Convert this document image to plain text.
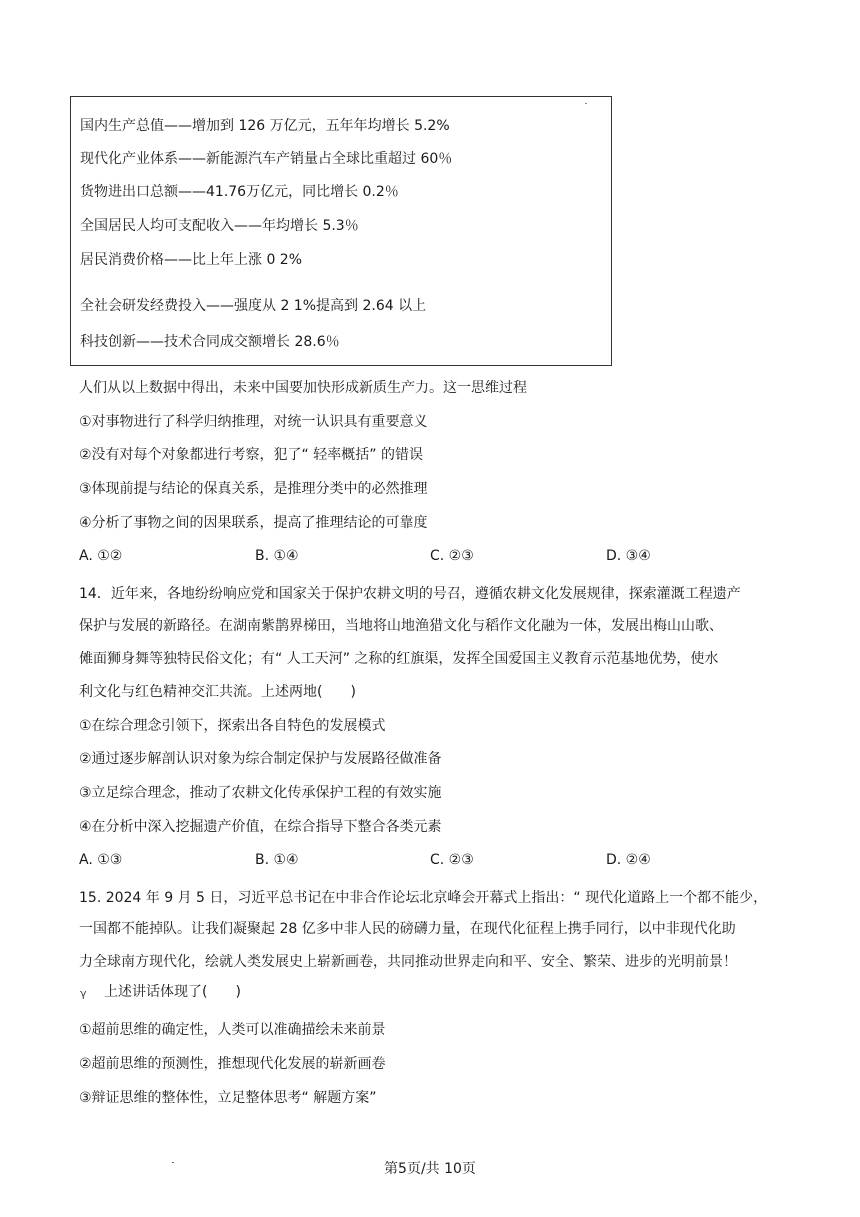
国内生产总值——增加到 126 万亿元，五年年均增长 5.2%
现代化产业体系——新能源汽车产销量占全球比重超过 60％
货物进出口总额——41.76万亿元，同比增长 0.2％
全国居民人均可支配收入——年均增长 5.3％
居民消费价格——比上年上涨 0 2%
全社会研发经费投入——强度从 2 1%提高到 2.64 以上
科技创新——技术合同成交额增长 28.6％
人们从以上数据中得出，未来中国要加快形成新质生产力。这一思维过程
①对事物进行了科学归纳推理，对统一认识具有重要意义
②没有对每个对象都进行考察，犯了“ 轻率概括” 的错误
③体现前提与结论的保真关系，是推理分类中的必然推理
④分析了事物之间的因果联系，提高了推理结论的可靠度
A. ①②	B. ①④	C. ②③	D. ③④
14．近年来，各地纷纷响应党和国家关于保护农耕文明的号召，遵循农耕文化发展规律，探索灌溉工程遗产
保护与发展的新路径。在湖南紫鹊界梯田，当地将山地渔猎文化与稻作文化融为一体，发展出梅山山歌、
傩面狮身舞等独特民俗文化；有“ 人工天河” 之称的红旗渠，发挥全国爱国主义教育示范基地优势，使水
利文化与红色精神交汇共流。上述两地(　　)
①在综合理念引领下，探索出各自特色的发展模式
②通过逐步解剖认识对象为综合制定保护与发展路径做准备
③立足综合理念，推动了农耕文化传承保护工程的有效实施
④在分析中深入挖掘遗产价值，在综合指导下整合各类元素
A. ①③	B. ①④	C. ②③	D. ②④
15. 2024 年 9 月 5 日，习近平总书记在中非合作论坛北京峰会开幕式上指出：“ 现代化道路上一个都不能少，
一国都不能掉队。让我们凝聚起 28 亿多中非人民的磅礴力量，在现代化征程上携手同行，以中非现代化助
力全球南方现代化，绘就人类发展史上崭新画卷，共同推动世界走向和平、安全、繁荣、进步的光明前景！
γ 上述讲话体现了(　　)
①超前思维的确定性，人类可以准确描绘未来前景
②超前思维的预测性，推想现代化发展的崭新画卷
③辩证思维的整体性，立足整体思考“ 解题方案”
第5页/共 10页
